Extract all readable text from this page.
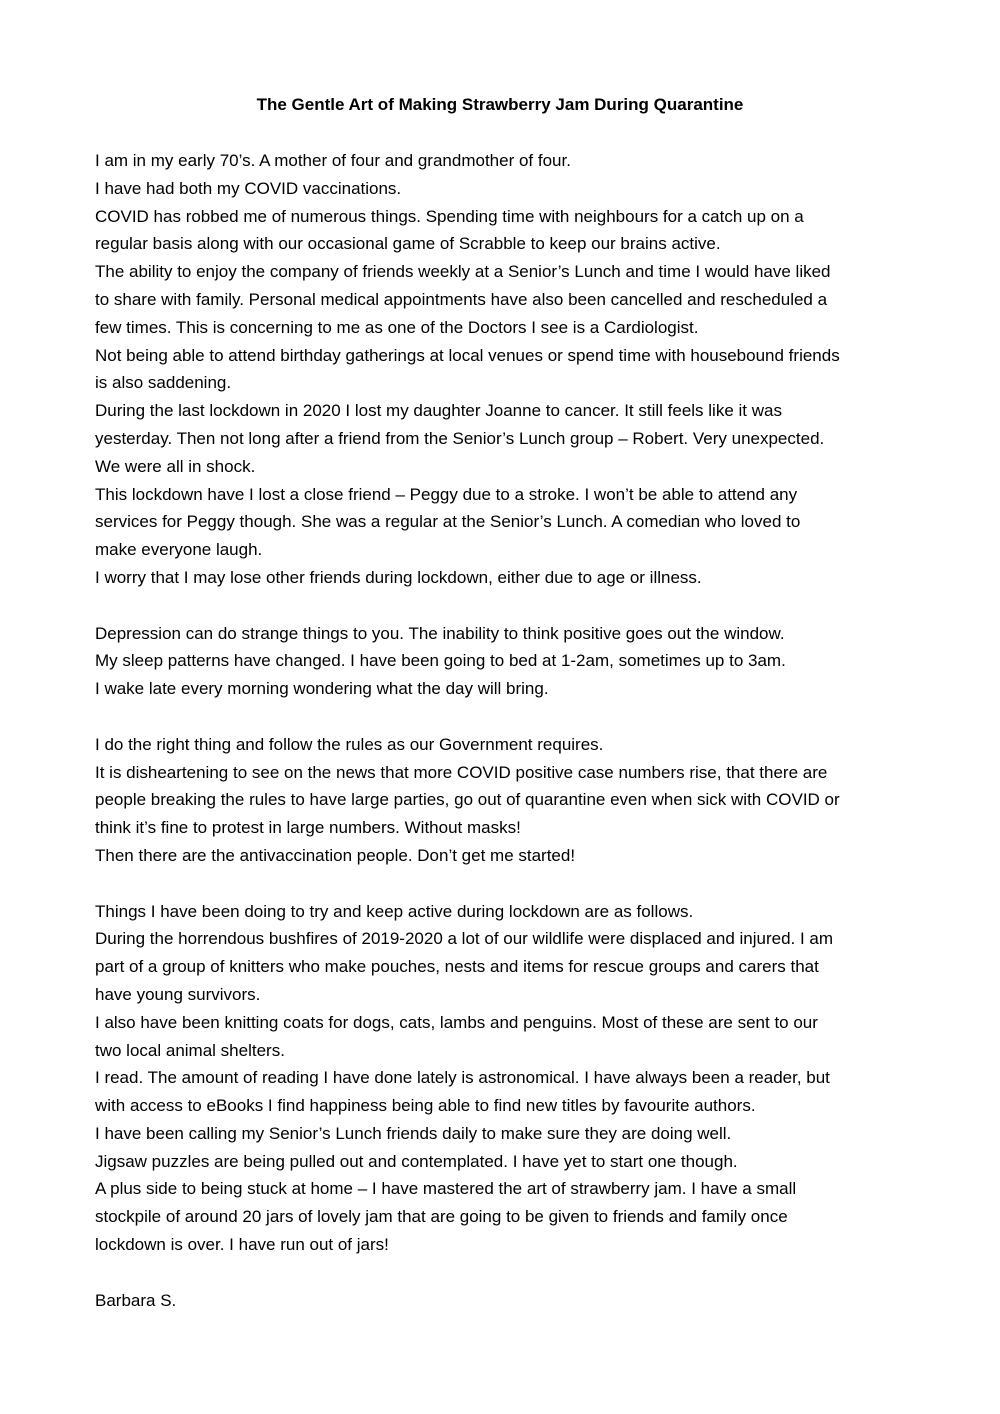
The Gentle Art of Making Strawberry Jam During Quarantine
I am in my early 70’s. A mother of four and grandmother of four.
I have had both my COVID vaccinations.
COVID has robbed me of numerous things. Spending time with neighbours for a catch up on a
regular basis along with our occasional game of Scrabble to keep our brains active.
The ability to enjoy the company of friends weekly at a Senior’s Lunch and time I would have liked
to share with family. Personal medical appointments have also been cancelled and rescheduled a
few times. This is concerning to me as one of the Doctors I see is a Cardiologist.
Not being able to attend birthday gatherings at local venues or spend time with housebound friends
is also saddening.
During the last lockdown in 2020 I lost my daughter Joanne to cancer. It still feels like it was
yesterday. Then not long after a friend from the Senior’s Lunch group – Robert. Very unexpected.
We were all in shock.
This lockdown have I lost a close friend – Peggy due to a stroke. I won’t be able to attend any
services for Peggy though. She was a regular at the Senior’s Lunch. A comedian who loved to
make everyone laugh.
I worry that I may lose other friends during lockdown, either due to age or illness.
Depression can do strange things to you. The inability to think positive goes out the window.
My sleep patterns have changed. I have been going to bed at 1-2am, sometimes up to 3am.
I wake late every morning wondering what the day will bring.
I do the right thing and follow the rules as our Government requires.
It is disheartening to see on the news that more COVID positive case numbers rise, that there are
people breaking the rules to have large parties, go out of quarantine even when sick with COVID or
think it’s fine to protest in large numbers. Without masks!
Then there are the antivaccination people. Don’t get me started!
Things I have been doing to try and keep active during lockdown are as follows.
During the horrendous bushfires of 2019-2020 a lot of our wildlife were displaced and injured. I am
part of a group of knitters who make pouches, nests and items for rescue groups and carers that
have young survivors.
I also have been knitting coats for dogs, cats, lambs and penguins. Most of these are sent to our
two local animal shelters.
I read. The amount of reading I have done lately is astronomical. I have always been a reader, but
with access to eBooks I find happiness being able to find new titles by favourite authors.
I have been calling my Senior’s Lunch friends daily to make sure they are doing well.
Jigsaw puzzles are being pulled out and contemplated. I have yet to start one though.
A plus side to being stuck at home – I have mastered the art of strawberry jam. I have a small
stockpile of around 20 jars of lovely jam that are going to be given to friends and family once
lockdown is over. I have run out of jars!
Barbara S.
